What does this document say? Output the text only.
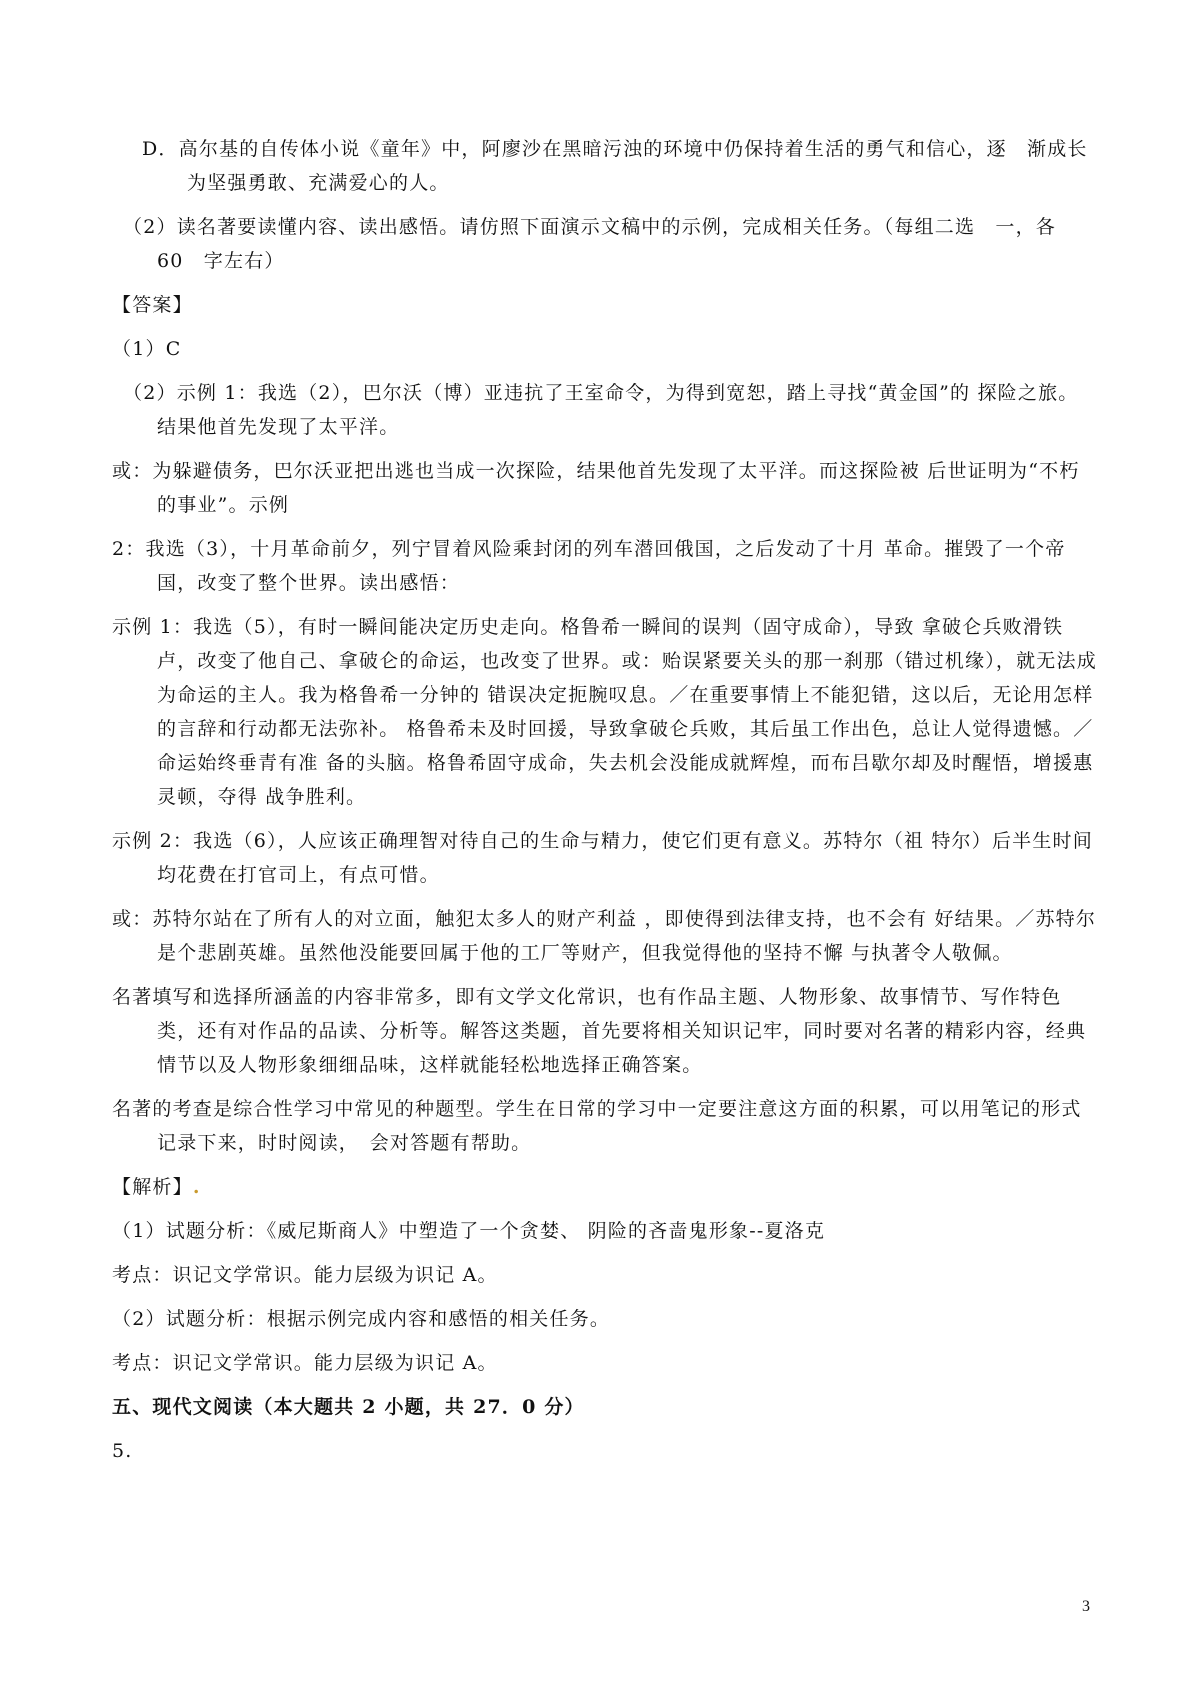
D．高尔基的自传体小说《童年》中，阿廖沙在黑暗污浊的环境中仍保持着生活的勇气和信心，逐　渐成长为坚强勇敢、充满爱心的人。

（2）读名著要读懂内容、读出感悟。请仿照下面演示文稿中的示例，完成相关任务。（每组二选　一，各　60　字左右）

【答案】

（1）C

（2）示例 1：我选（2），巴尔沃（博）亚违抗了王室命令，为得到宽恕，踏上寻找“黄金国”的 探险之旅。结果他首先发现了太平洋。

或：为躲避债务，巴尔沃亚把出逃也当成一次探险，结果他首先发现了太平洋。而这探险被 后世证明为“不朽的事业”。示例

2：我选（3），十月革命前夕，列宁冒着风险乘封闭的列车潜回俄国，之后发动了十月 革命。摧毁了一个帝国，改变了整个世界。读出感悟：

示例 1：我选（5），有时一瞬间能决定历史走向。格鲁希一瞬间的误判（固守成命），导致 拿破仑兵败滑铁卢，改变了他自己、拿破仑的命运，也改变了世界。或：贻误紧要关头的那一刹那（错过机缘），就无法成为命运的主人。我为格鲁希一分钟的 错误决定扼腕叹息。／在重要事情上不能犯错，这以后，无论用怎样的言辞和行动都无法弥补。 格鲁希未及时回援，导致拿破仑兵败，其后虽工作出色，总让人觉得遗憾。／命运始终垂青有准 备的头脑。格鲁希固守成命，失去机会没能成就辉煌，而布吕歇尔却及时醒悟，增援惠灵顿，夺得 战争胜利。

示例 2：我选（6），人应该正确理智对待自己的生命与精力，使它们更有意义。苏特尔（祖 特尔）后半生时间均花费在打官司上，有点可惜。

或：苏特尔站在了所有人的对立面，触犯太多人的财产利益 ，即使得到法律支持，也不会有 好结果。／苏特尔是个悲剧英雄。虽然他没能要回属于他的工厂等财产，但我觉得他的坚持不懈 与执著令人敬佩。

名著填写和选择所涵盖的内容非常多，即有文学文化常识，也有作品主题、人物形象、故事情节、写作特色类，还有对作品的品读、分析等。解答这类题，首先要将相关知识记牢，同时要对名著的精彩内容，经典情节以及人物形象细细品味，这样就能轻松地选择正确答案。

名著的考查是综合性学习中常见的种题型。学生在日常的学习中一定要注意这方面的积累，可以用笔记的形式记录下来，时时阅读，　会对答题有帮助。

【解析】.

（1）试题分析：《威尼斯商人》中塑造了一个贪婪、 阴险的吝啬鬼形象--夏洛克

考点：识记文学常识。能力层级为识记 A。

（2）试题分析：根据示例完成内容和感悟的相关任务。

考点：识记文学常识。能力层级为识记 A。

五、现代文阅读（本大题共 2 小题，共 27．0 分）

5.

3
